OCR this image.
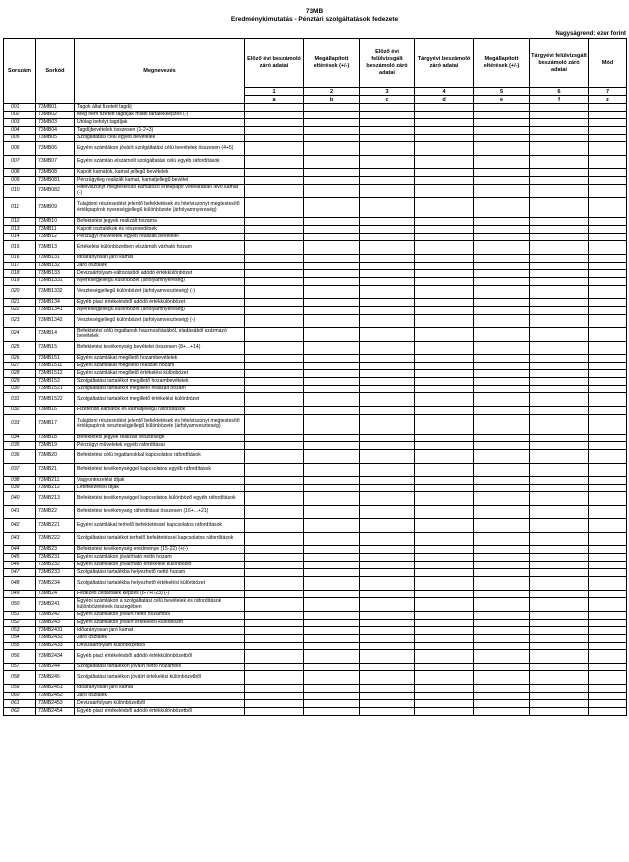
73MB
Eredménykimutatás - Pénztári szolgáltatások fedezete
Nagyságrend: ezer forint
Sorszám	Sorkód	Megnevezés	Előző évi beszámoló záró adatai	Megállapított eltérések (+/-)	Előző évi felülvizsgált beszámoló záró adatai	Tárgyévi beszámoló záró adatai	Megállapított eltérések (+/-)	Tárgyévi felülvizsgált beszámoló záró adatai	Mód
			1	2	3	4	5	6	7
			a	b	c	d	e	f	z
001	73MB01	Tagok által fizetett tagdíj							
002	73MB02	Meg nem fizetett tagdíjak miatti tartalékképzés (-)							
003	73MB03	Utólag befolyt tagdíjak							
004	73MB04	Tagdíjbevételek összesen (1-2+3)							
005	73MB05	Szolgáltatási célú egyéb bevételek							
006	73MB06	Egyéni számlákon jóváírt szolgáltatási célú bevételek összesen (4+5)							
007	73MB07	Egyéni számlán elszámolt szolgáltatási célú egyéb ráfordítások							
008	73MB08	Kapott kamatok, kamat jellegű bevételek							
009	73MB081	Pénzügyileg realizált kamat, kamatjellegű bevétel							
010	73MB082	Hitelviszonyt megtestesítő kamatozó értékpapír vételárában lévő kamat (-)							
011	73MB09	Tulajdoni részesedést jelentő befektetések és hitelviszonyt megtestesítő értékpapírok nyereségjellegű különbözete (árfolyamnyereség)							
012	73MB10	Befektetési jegyek realizált hozama							
013	73MB11	Kapott osztalékok és részesedések							
014	73MB12	Pénzügyi műveletek egyéb realizált bevételei							
015	73MB13	Értékelési különbözetben elszámolt várható hozam							
016	73MB131	Időarányosan járó kamat							
017	73MB132	Járó osztalék							
018	73MB133	Devizaárfolyam-változásból adódó értékkülönbözet							
019	73MB1331	Nyereségjellegű különbözet (árfolyamnyereség)							
020	73MB1332	Veszteségjellegű különbözet (árfolyamveszteség) (-)							
021	73MB134	Egyéb piaci értékelésből adódó értékkülönbözet							
022	73MB1341	Nyereségjellegű különbözet (árfolyamnyereség)							
023	73MB1342	Veszteségjellegű különbözet (árfolyamveszteség) (-)							
024	73MB14	Befektetési célú ingatlanok hasznosításából, eladásából származó bevételek							
025	73MB15	Befektetési tevékenység bevételei összesen (8+...+14)							
026	73MB151	Egyéni számlákat megillető hozambevételek							
027	73MB1511	Egyéni számlákat megillető realizált hozam							
028	73MB1512	Egyéni számlákat megillető értékelési különbözet							
029	73MB152	Szolgáltatási tartalékot megillető hozambevételek							
030	73MB1521	Szolgáltatási tartalékot megillető realizált hozam							
031	73MB1522	Szolgáltatási tartalékot megillető értékelési különbözet							
032	73MB16	Fizetendő kamatok és kamatjellegű ráfordítások							
033	73MB17	Tulajdoni részesedést jelentő befektetések és hitelviszonyt megtestesítő értékpapírok veszteségjellegű különbözete (árfolyamveszteség)							
034	73MB18	Befektetési jegyek realizált vesztesége							
035	73MB19	Pénzügyi műveletek egyéb ráfordításai							
036	73MB20	Befektetési célú ingatlanokkal kapcsolatos ráfordítások							
037	73MB21	Befektetési tevékenységgel kapcsolatos egyéb ráfordítások							
038	73MB211	Vagyonkezelési díjak							
039	73MB212	Letétkezelési díjak							
040	73MB213	Befektetési tevékenységgel kapcsolatos különböző egyéb ráfordítások							
041	73MB22	Befektetési tevékenység ráfordításai összesen (16+...+21)							
042	73MB221	Egyéni számlákat terhelő befektetéssel kapcsolatos ráfordítások							
043	73MB222	Szolgáltatási tartalékot terhelő befektetéssel kapcsolatos ráfordítások							
044	73MB23	Befektetési tevékenység eredménye (15-22) (+/-)							
045	73MB231	Egyéni számlákon jóváírható nettó hozam							
046	73MB232	Egyéni számlákon jóváírható értékelési különbözet							
047	73MB233	Szolgáltatási tartalékba helyezhető nettó hozam							
048	73MB234	Szolgáltatási tartalékba helyezhető értékelési különbözet							
049	73MB24	Fedezeti céltartalék képzés (6-7+/-23) (-)							
050	73MB241	Egyéni számlákon a szolgáltatási célú bevételek és ráfordítások különbözetének összegében							
051	73MB242	Egyéni számlákon jóváírt nettó hozamból							
052	73MB243	Egyéni számlákon jóváírt értékelési különbözet							
053	73MB2431	Időarányosan járó kamat							
054	73MB2432	Járó osztalék							
055	73MB2433	Devizaárfolyam különbözetből							
056	73MB2434	Egyéb piaci értékelésből adódó értékkülönbözetből							
057	73MB244	Szolgáltatási tartalékon jóváírt nettó hozamból							
058	73MB245	Szolgáltatási tartalékon jóváírt értékelési különbözetből							
059	73MB2451	Időarányosan járó kamat							
060	73MB2452	Járó osztalék							
061	73MB2453	Devizaárfolyam különbözetből							
062	73MB2454	Egyéb piaci értékelésből adódó értékkülönbözetből							
